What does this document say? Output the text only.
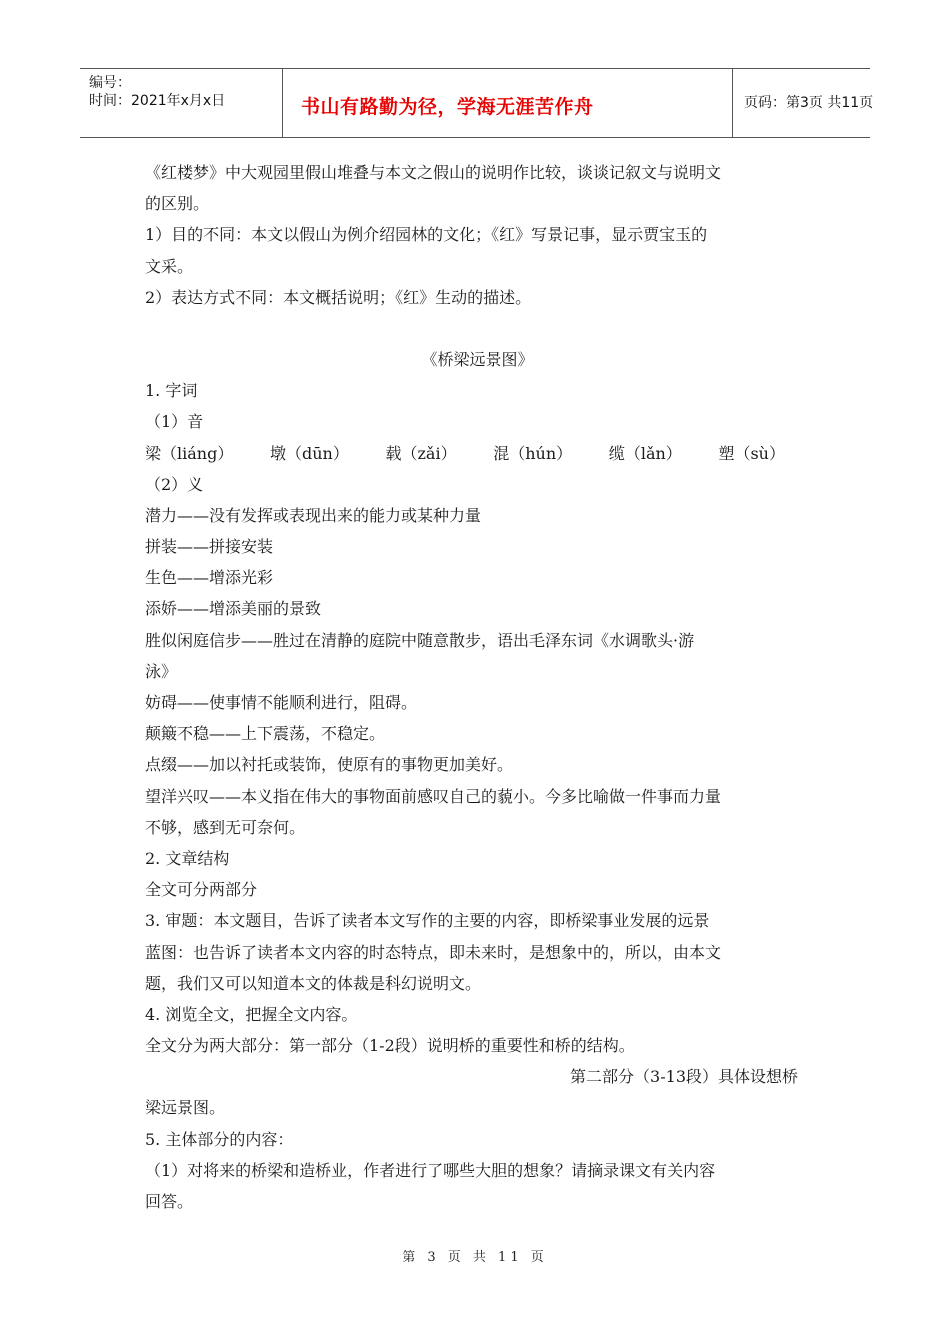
编号：
时间：2021年x月x日	书山有路勤为径，学海无涯苦作舟	页码：第3页 共11页
《红楼梦》中大观园里假山堆叠与本文之假山的说明作比较，谈谈记叙文与说明文
的区别。
1）目的不同：本文以假山为例介绍园林的文化；《红》写景记事，显示贾宝玉的
文采。
2）表达方式不同：本文概括说明；《红》生动的描述。
《桥梁远景图》
1. 字词
（1）音
梁（liáng） 墩（dūn） 载（zǎi） 混（hún） 缆（lǎn） 塑（sù）
（2）义
潜力——没有发挥或表现出来的能力或某种力量
拼装——拼接安装
生色——增添光彩
添娇——增添美丽的景致
胜似闲庭信步——胜过在清静的庭院中随意散步，语出毛泽东词《水调歌头·游
泳》
妨碍——使事情不能顺利进行，阻碍。
颠簸不稳——上下震荡，不稳定。
点缀——加以衬托或装饰，使原有的事物更加美好。
望洋兴叹——本义指在伟大的事物面前感叹自己的藐小。今多比喻做一件事而力量
不够，感到无可奈何。
2. 文章结构
全文可分两部分
3. 审题：本文题目，告诉了读者本文写作的主要的内容，即桥梁事业发展的远景
蓝图：也告诉了读者本文内容的时态特点，即未来时，是想象中的，所以，由本文
题，我们又可以知道本文的体裁是科幻说明文。
4. 浏览全文，把握全文内容。
全文分为两大部分：第一部分（1-2段）说明桥的重要性和桥的结构。
第二部分（3-13段）具体设想桥
梁远景图。
5. 主体部分的内容：
（1）对将来的桥梁和造桥业，作者进行了哪些大胆的想象？请摘录课文有关内容
回答。
第 3 页 共 11 页
